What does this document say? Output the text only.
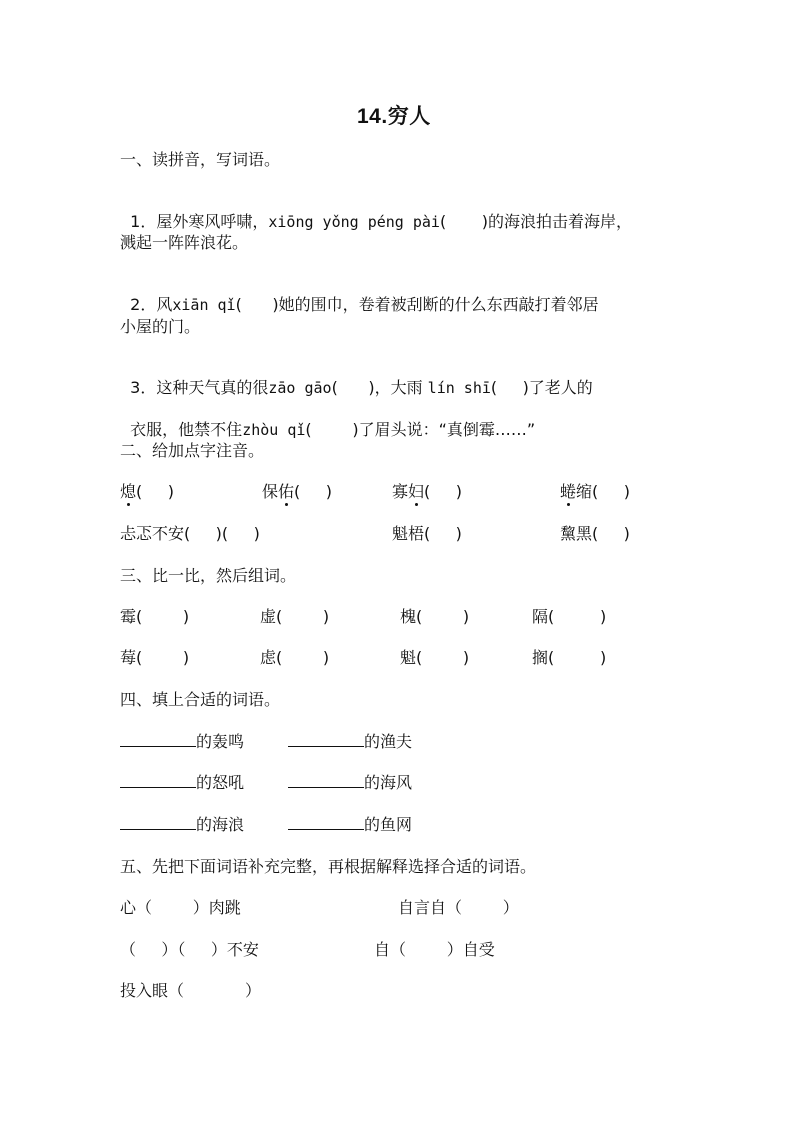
14.穷人
一、读拼音，写词语。

1．屋外寒风呼啸，xiōng yǒng péng pài(       )的海浪拍击着海岸，

溅起一阵阵浪花。

2．风xiān qǐ(      )她的围巾，卷着被刮断的什么东西敲打着邻居

小屋的门。

3．这种天气真的很zāo gāo(      )，大雨 lín shī(     )了老人的

衣服，他禁不住zhòu qǐ(        )了眉头说：“真倒霉……”

二、给加点字注音。
熄(     )	保佑(     )	寡妇(     )	蜷缩(     )
忐忑不安(     )(     )	魁梧(     )	黧黑(     )
三、比一比，然后组词。
霉(        )	虚(        )	槐(        )	隔(         )
莓(        )	虑(        )	魁(        )	搁(         )
四、填上合适的词语。
的轰鸣	的渔夫
的怒吼	的海风
的海浪	的鱼网
五、先把下面词语补充完整，再根据解释选择合适的词语。
心（        ）肉跳	自言自（        ）
（     ）（     ）不安	自（        ）自受
投入眼（            ）
